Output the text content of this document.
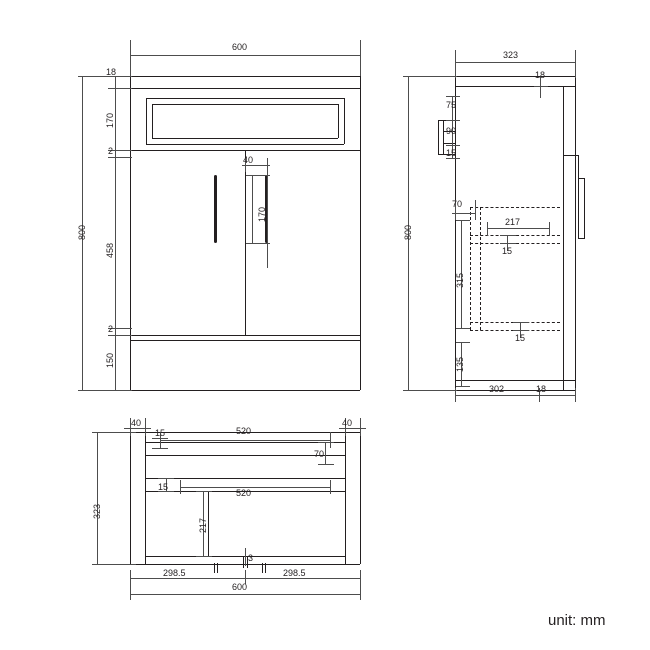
600
800
18
170
2
458
2
150
40
170
323
800
18
75
90
15
70
217
15
15
315
135
302	18
40	40
520
15
70
15
520
217
323
3
298.5	298.5
600
unit: mm
